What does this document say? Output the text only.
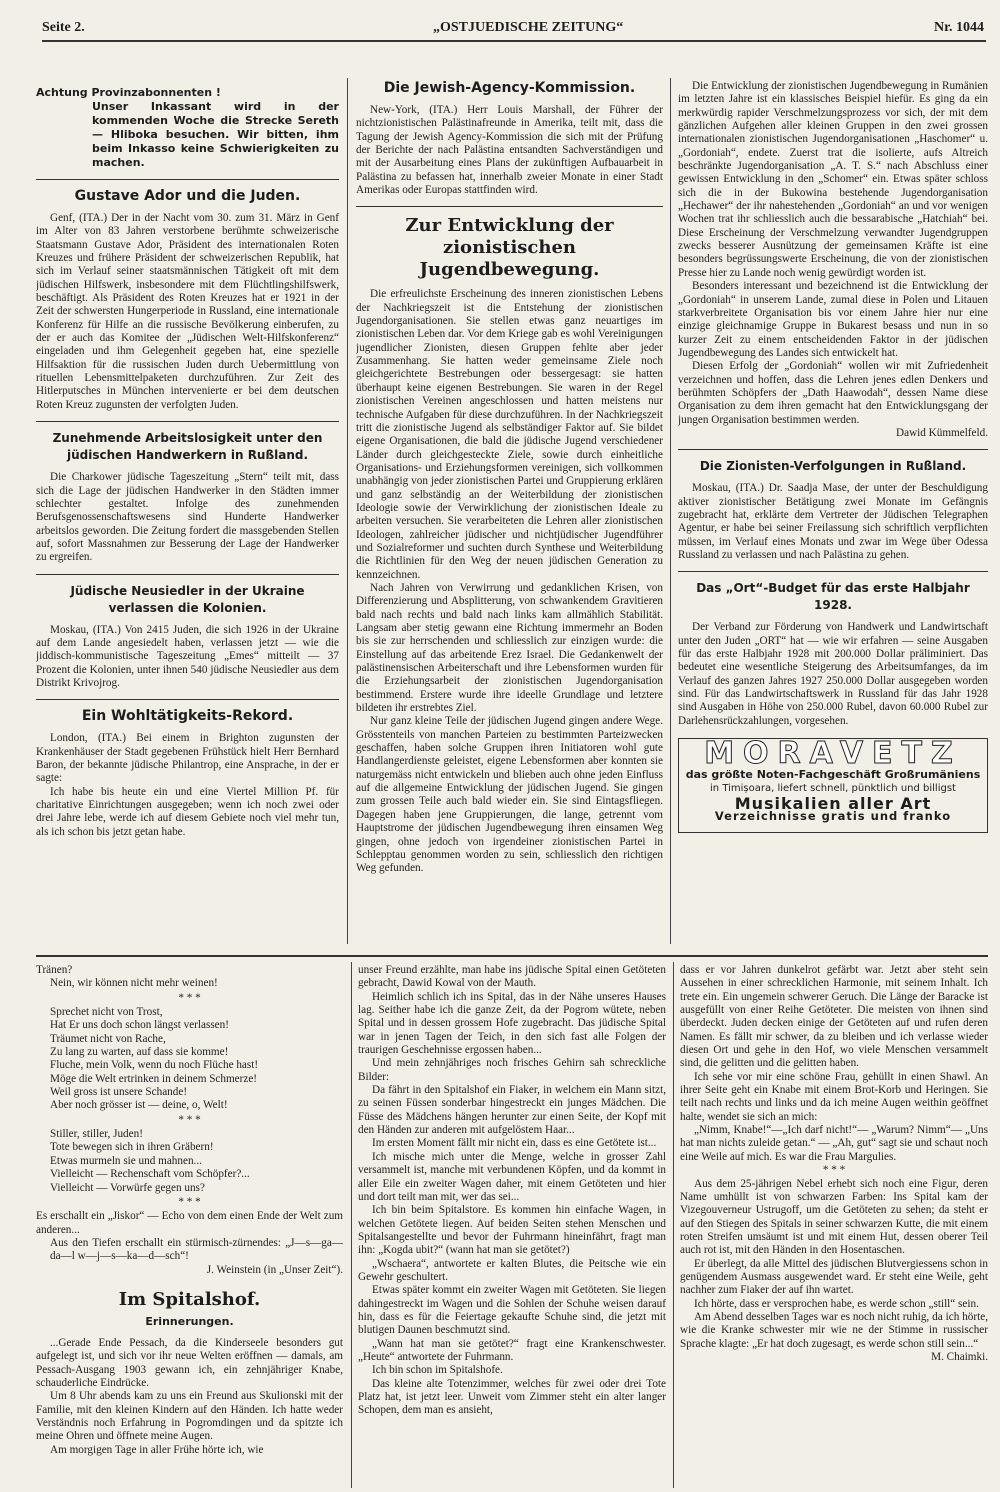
Seite 2.	„OSTJUEDISCHE ZEITUNG“	Nr. 1044

Achtung Provinzabonnenten !

Unser Inkassant wird in der kommenden Woche die Strecke Sereth — Hliboka besuchen. Wir bitten, ihm beim Inkasso keine Schwierigkeiten zu machen.

Gustave Ador und die Juden.

Genf, (ITA.) Der in der Nacht vom 30. zum 31. März in Genf im Alter von 83 Jahren verstorbene berühmte schweizerische Staatsmann Gustave Ador, Präsident des internationalen Roten Kreuzes und frühere Präsident der schweizerischen Republik, hat sich im Verlauf seiner staatsmännischen Tätigkeit oft mit dem jüdischen Hilfswerk, insbesondere mit dem Flüchtlingshilfswerk, beschäftigt. Als Präsident des Roten Kreuzes hat er 1921 in der Zeit der schwersten Hungerperiode in Russland, eine internationale Konferenz für Hilfe an die russische Bevölkerung einberufen, zu der er auch das Komitee der „Jüdischen Welt-Hilfskonferenz“ eingeladen und ihm Gelegenheit gegeben hat, eine spezielle Hilfsaktion für die russischen Juden durch Uebermittlung von rituellen Lebensmittelpaketen durchzuführen. Zur Zeit des Hitlerputsches in München intervenierte er bei dem deutschen Roten Kreuz zugunsten der verfolgten Juden.

Zunehmende Arbeitslosigkeit unter den jüdischen Handwerkern in Rußland.

Die Charkower jüdische Tageszeitung „Stern“ teilt mit, dass sich die Lage der jüdischen Handwerker in den Städten immer schlechter gestaltet. Infolge des zunehmenden Berufsgenossenschaftswesens sind Hunderte Handwerker arbeitslos geworden. Die Zeitung fordert die massgebenden Stellen auf, sofort Massnahmen zur Besserung der Lage der Handwerker zu ergreifen.

Jüdische Neusiedler in der Ukraine verlassen die Kolonien.

Moskau, (ITA.) Von 2415 Juden, die sich 1926 in der Ukraine auf dem Lande angesiedelt haben, verlassen jetzt — wie die jiddisch-kommunistische Tageszeitung „Emes“ mitteilt — 37 Prozent die Kolonien, unter ihnen 540 jüdische Neusiedler aus dem Distrikt Krivojrog.

Ein Wohltätigkeits-Rekord.

London, (ITA.) Bei einem in Brighton zugunsten der Krankenhäuser der Stadt gegebenen Frühstück hielt Herr Bernhard Baron, der bekannte jüdische Philantrop, eine Ansprache, in der er sagte:

Ich habe bis heute ein und eine Viertel Million Pf. für charitative Einrichtungen ausgegeben; wenn ich noch zwei oder drei Jahre lebe, werde ich auf diesem Gebiete noch viel mehr tun, als ich schon bis jetzt getan habe.

Die Jewish-Agency-Kommission.

New-York, (ITA.) Herr Louis Marshall, der Führer der nichtzionistischen Palästinafreunde in Amerika, teilt mit, dass die Tagung der Jewish Agency-Kommission die sich mit der Prüfung der Berichte der nach Palästina entsandten Sachverständigen und mit der Ausarbeitung eines Plans der zukünftigen Aufbauarbeit in Palästina zu befassen hat, innerhalb zweier Monate in einer Stadt Amerikas oder Europas stattfinden wird.

Zur Entwicklung der zionistischen Jugendbewegung.

Die erfreulichste Erscheinung des inneren zionistischen Lebens der Nachkriegszeit ist die Entstehung der zionistischen Jugendorganisationen. Sie stellen etwas ganz neuartiges im zionistischen Leben dar. Vor dem Kriege gab es wohl Vereinigungen jugendlicher Zionisten, diesen Gruppen fehlte aber jeder Zusammenhang. Sie hatten weder gemeinsame Ziele noch gleichgerichtete Bestrebungen oder bessergesagt: sie hatten überhaupt keine eigenen Bestrebungen. Sie waren in der Regel zionistischen Vereinen angeschlossen und hatten meistens nur technische Aufgaben für diese durchzuführen. In der Nachkriegszeit tritt die zionistische Jugend als selbständiger Faktor auf. Sie bildet eigene Organisationen, die bald die jüdische Jugend verschiedener Länder durch gleichgesteckte Ziele, sowie durch einheitliche Organisations- und Erziehungsformen vereinigen, sich vollkommen unabhängig von jeder zionistischen Partei und Gruppierung erklären und ganz selbständig an der Weiterbildung der zionistischen Ideologie sowie der Verwirklichung der zionistischen Ideale zu arbeiten versuchen. Sie verarbeiteten die Lehren aller zionistischen Ideologen, zahlreicher jüdischer und nichtjüdischer Jugendführer und Sozialreformer und suchten durch Synthese und Weiterbildung die Richtlinien für den Weg der neuen jüdischen Generation zu kennzeichnen.

Nach Jahren von Verwirrung und gedanklichen Krisen, von Differenzierung und Absplitterung, von schwankendem Gravitieren bald nach rechts und bald nach links kam allmählich Stabilität. Langsam aber stetig gewann eine Richtung immermehr an Boden bis sie zur herrschenden und schliesslich zur einzigen wurde: die Einstellung auf das arbeitende Erez Israel. Die Gedankenwelt der palästinensischen Arbeiterschaft und ihre Lebensformen wurden für die Erziehungsarbeit der zionistischen Jugendorganisation bestimmend. Erstere wurde ihre ideelle Grundlage und letztere bildeten ihr erstrebtes Ziel.

Nur ganz kleine Teile der jüdischen Jugend gingen andere Wege. Grösstenteils von manchen Parteien zu bestimmten Parteizwecken geschaffen, haben solche Gruppen ihren Initiatoren wohl gute Handlangerdienste geleistet, eigene Lebensformen aber konnten sie naturgemäss nicht entwickeln und blieben auch ohne jeden Einfluss auf die allgemeine Entwicklung der jüdischen Jugend. Sie gingen zum grossen Teile auch bald wieder ein. Sie sind Eintagsfliegen. Dagegen haben jene Gruppierungen, die lange, getrennt vom Hauptstrome der jüdischen Jugendbewegung ihren einsamen Weg gingen, ohne jedoch von irgendeiner zionistischen Partei in Schlepptau genommen worden zu sein, schliesslich den richtigen Weg gefunden.

Die Entwicklung der zionistischen Jugendbewegung in Rumänien im letzten Jahre ist ein klassisches Beispiel hiefür. Es ging da ein merkwürdig rapider Verschmelzungsprozess vor sich, der mit dem gänzlichen Aufgehen aller kleinen Gruppen in den zwei grossen internationalen zionistischen Jugendorganisationen „Haschomer“ u. „Gordoniah“, endete. Zuerst trat die isolierte, aufs Altreich beschränkte Jugendorganisation „A. T. S.“ nach Abschluss einer gewissen Entwicklung in den „Schomer“ ein. Etwas später schloss sich die in der Bukowina bestehende Jugendorganisation „Hechawer“ der ihr nahestehenden „Gordoniah“ an und vor wenigen Wochen trat ihr schliesslich auch die bessarabische „Hatchiah“ bei. Diese Erscheinung der Verschmelzung verwandter Jugendgruppen zwecks besserer Ausnützung der gemeinsamen Kräfte ist eine besonders begrüssungswerte Erscheinung, die von der zionistischen Presse hier zu Lande noch wenig gewürdigt worden ist.

Besonders interessant und bezeichnend ist die Entwicklung der „Gordoniah“ in unserem Lande, zumal diese in Polen und Litauen starkverbreitete Organisation bis vor einem Jahre hier nur eine einzige gleichnamige Gruppe in Bukarest besass und nun in so kurzer Zeit zu einem entscheidenden Faktor in der jüdischen Jugendbewegung des Landes sich entwickelt hat.

Diesen Erfolg der „Gordoniah“ wollen wir mit Zufriedenheit verzeichnen und hoffen, dass die Lehren jenes edlen Denkers und berühmten Schöpfers der „Dath Haawodah“, dessen Name diese Organisation zu dem ihren gemacht hat den Entwicklungsgang der jungen Organisation bestimmen werden.

Dawid Kümmelfeld.

Die Zionisten-Verfolgungen in Rußland.

Moskau, (ITA.) Dr. Saadja Mase, der unter der Beschuldigung aktiver zionistischer Betätigung zwei Monate im Gefängnis zugebracht hat, erklärte dem Vertreter der Jüdischen Telegraphen Agentur, er habe bei seiner Freilassung sich schriftlich verpflichten müssen, im Verlauf eines Monats und zwar im Wege über Odessa Russland zu verlassen und nach Palästina zu gehen.

Das „Ort“-Budget für das erste Halbjahr 1928.

Der Verband zur Förderung von Handwerk und Landwirtschaft unter den Juden „ORT“ hat — wie wir erfahren — seine Ausgaben für das erste Halbjahr 1928 mit 200.000 Dollar präliminiert. Das bedeutet eine wesentliche Steigerung des Arbeitsumfanges, da im Verlauf des ganzen Jahres 1927 250.000 Dollar ausgegeben worden sind. Für das Landwirtschaftswerk in Russland für das Jahr 1928 sind Ausgaben in Höhe von 250.000 Rubel, davon 60.000 Rubel zur Darlehensrückzahlungen, vorgesehen.

MORAVETZ
das größte Noten-Fachgeschäft Großrumäniens
in Timișoara, liefert schnell, pünktlich und billigst
Musikalien aller Art
Verzeichnisse gratis und franko

Tränen?

Nein, wir können nicht mehr weinen!

* * *

Sprechet nicht von Trost,

Hat Er uns doch schon längst verlassen!

Träumet nicht von Rache,

Zu lang zu warten, auf dass sie komme!

Fluche, mein Volk, wenn du noch Flüche hast!

Möge die Welt ertrinken in deinem Schmerze!

Weil gross ist unsere Schande!

Aber noch grösser ist — deine, o, Welt!

* * *

Stiller, stiller, Juden!

Tote bewegen sich in ihren Gräbern!

Etwas murmeln sie und mahnen...

Vielleicht — Rechenschaft vom Schöpfer?...

Vielleicht — Vorwürfe gegen uns?

* * *

Es erschallt ein „Jiskor“ — Echo von dem einen Ende der Welt zum anderen...

Aus den Tiefen erschallt ein stürmisch-zürnendes: „J—s—ga—da—l w—j—s—ka—d—sch“!

J. Weinstein (in „Unser Zeit“).

Im Spitalshof.
Erinnerungen.

...Gerade Ende Pessach, da die Kinderseele besonders gut aufgelegt ist, und sich vor ihr neue Welten eröffnen — damals, am Pessach-Ausgang 1903 gewann ich, ein zehnjähriger Knabe, schauderliche Eindrücke.

Um 8 Uhr abends kam zu uns ein Freund aus Skulionski mit der Familie, mit den kleinen Kindern auf den Händen. Ich hatte weder Verständnis noch Erfahrung in Pogromdingen und da spitzte ich meine Ohren und öffnete meine Augen.

Am morgigen Tage in aller Frühe hörte ich, wie

unser Freund erzählte, man habe ins jüdische Spital einen Getöteten gebracht, Dawid Kowal von der Mauth.

Heimlich schlich ich ins Spital, das in der Nähe unseres Hauses lag. Seither habe ich die ganze Zeit, da der Pogrom wütete, neben Spital und in dessen grossem Hofe zugebracht. Das jüdische Spital war in jenen Tagen der Teich, in den sich fast alle Folgen der traurigen Geschehnisse ergossen haben...

Und mein zehnjähriges noch frisches Gehirn sah schreckliche Bilder:

Da fährt in den Spitalshof ein Fiaker, in welchem ein Mann sitzt, zu seinen Füssen sonderbar hingestreckt ein junges Mädchen. Die Füsse des Mädchens hängen herunter zur einen Seite, der Kopf mit den Händen zur anderen mit aufgelöstem Haar...

Im ersten Moment fällt mir nicht ein, dass es eine Getötete ist...

Ich mische mich unter die Menge, welche in grosser Zahl versammelt ist, manche mit verbundenen Köpfen, und da kommt in aller Eile ein zweiter Wagen daher, mit einem Getöteten und hier und dort teilt man mit, wer das sei...

Ich bin beim Spitalstore. Es kommen hin einfache Wagen, in welchen Getötete liegen. Auf beiden Seiten stehen Menschen und Spitalsangestellte und bevor der Fuhrmann hineinfährt, fragt man ihn: „Kogda ubit?“ (wann hat man sie getötet?)

„Wschaera“, antwortete er kalten Blutes, die Peitsche wie ein Gewehr geschultert.

Etwas später kommt ein zweiter Wagen mit Getöteten. Sie liegen dahingestreckt im Wagen und die Sohlen der Schuhe weisen darauf hin, dass es für die Feiertage gekaufte Schuhe sind, die jetzt mit blutigen Daunen beschmutzt sind.

„Wann hat man sie getötet?“ fragt eine Krankenschwester. „Heute“ antwortete der Fuhrmann.

Ich bin schon im Spitalshofe.

Das kleine alte Totenzimmer, welches für zwei oder drei Tote Platz hat, ist jetzt leer. Unweit vom Zimmer steht ein alter langer Schopen, dem man es ansieht,

dass er vor Jahren dunkelrot gefärbt war. Jetzt aber steht sein Aussehen in einer schrecklichen Harmonie, mit seinem Inhalt. Ich trete ein. Ein ungemein schwerer Geruch. Die Länge der Baracke ist ausgefüllt von einer Reihe Getöteter. Die meisten von ihnen sind überdeckt. Juden decken einige der Getöteten auf und rufen deren Namen. Es fällt mir schwer, da zu bleiben und ich verlasse wieder diesen Ort und gehe in den Hof, wo viele Menschen versammelt sind, die gelitten und die gelitten haben.

Ich sehe vor mir eine schöne Frau, gehüllt in einen Shawl. An ihrer Seite geht ein Knabe mit einem Brot-Korb und Heringen. Sie teilt nach rechts und links und da ich meine Augen weithin geöffnet halte, wendet sie sich an mich:

„Nimm, Knabe!“—„Ich darf nicht!“— „Warum? Nimm“— „Uns hat man nichts zuleide getan.“ — „Ah, gut“ sagt sie und schaut noch eine Weile auf mich. Es war die Frau Margulies.

* * *

Aus dem 25-jährigen Nebel erhebt sich noch eine Figur, deren Name umhüllt ist von schwarzen Farben: Ins Spital kam der Vizegouverneur Ustrugoff, um die Getöteten zu sehen; da steht er auf den Stiegen des Spitals in seiner schwarzen Kutte, die mit einem roten Streifen umsäumt ist und mit einem Hut, dessen oberer Teil auch rot ist, mit den Händen in den Hosentaschen.

Er überlegt, da alle Mittel des jüdischen Blutvergiessens schon in genügendem Ausmass ausgewendet ward. Er steht eine Weile, geht nachher zum Fiaker der auf ihn wartet.

Ich hörte, dass er versprochen habe, es werde schon „still“ sein.

Am Abend desselben Tages war es noch nicht ruhig, da ich hörte, wie die Kranke schwester mir wie ne der Stimme in russischer Sprache klagte: „Er hat doch zugesagt, es werde schon still sein...“

M. Chaimki.
